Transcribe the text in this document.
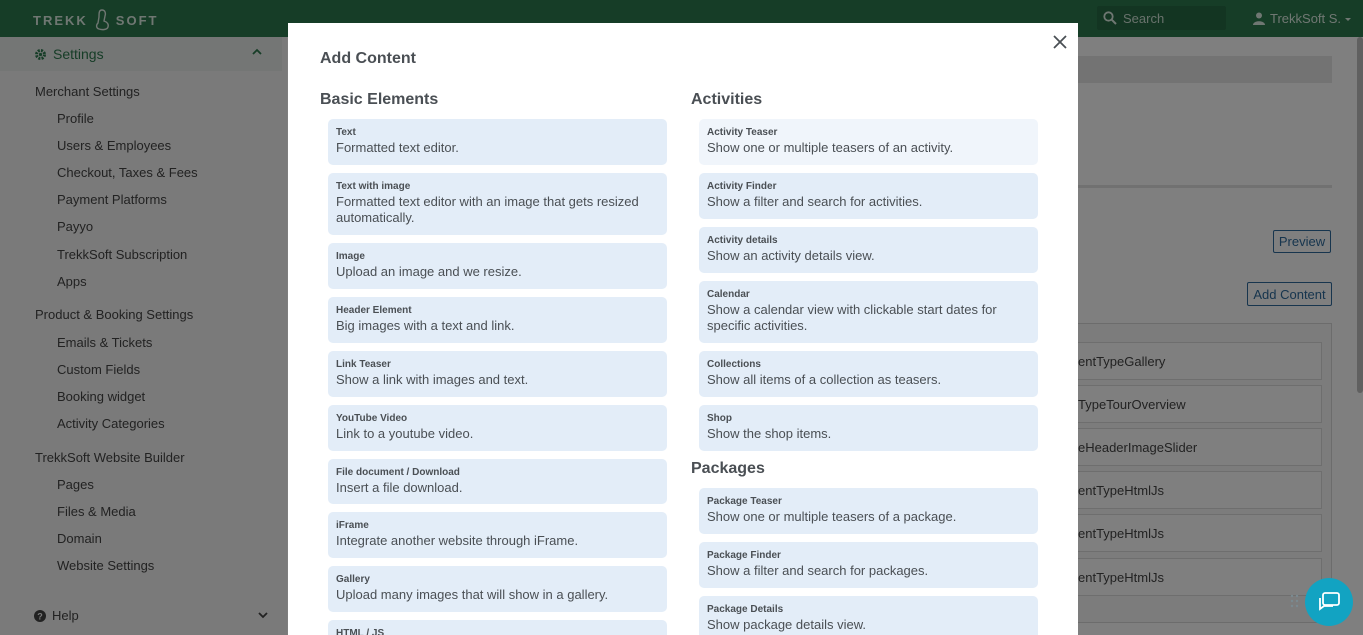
Add Content
Basic Elements
Text
Formatted text editor.
Text with image
Formatted text editor with an image that gets resized automatically.
Image
Upload an image and we resize.
Header Element
Big images with a text and link.
Link Teaser
Show a link with images and text.
YouTube Video
Link to a youtube video.
File document / Download
Insert a file download.
iFrame
Integrate another website through iFrame.
Gallery
Upload many images that will show in a gallery.
HTML / JS
Activities
Activity Teaser
Show one or multiple teasers of an activity.
Activity Finder
Show a filter and search for activities.
Activity details
Show an activity details view.
Calendar
Show a calendar view with clickable start dates for specific activities.
Collections
Show all items of a collection as teasers.
Shop
Show the shop items.
Packages
Package Teaser
Show one or multiple teasers of a package.
Package Finder
Show a filter and search for packages.
Package Details
Show package details view.
